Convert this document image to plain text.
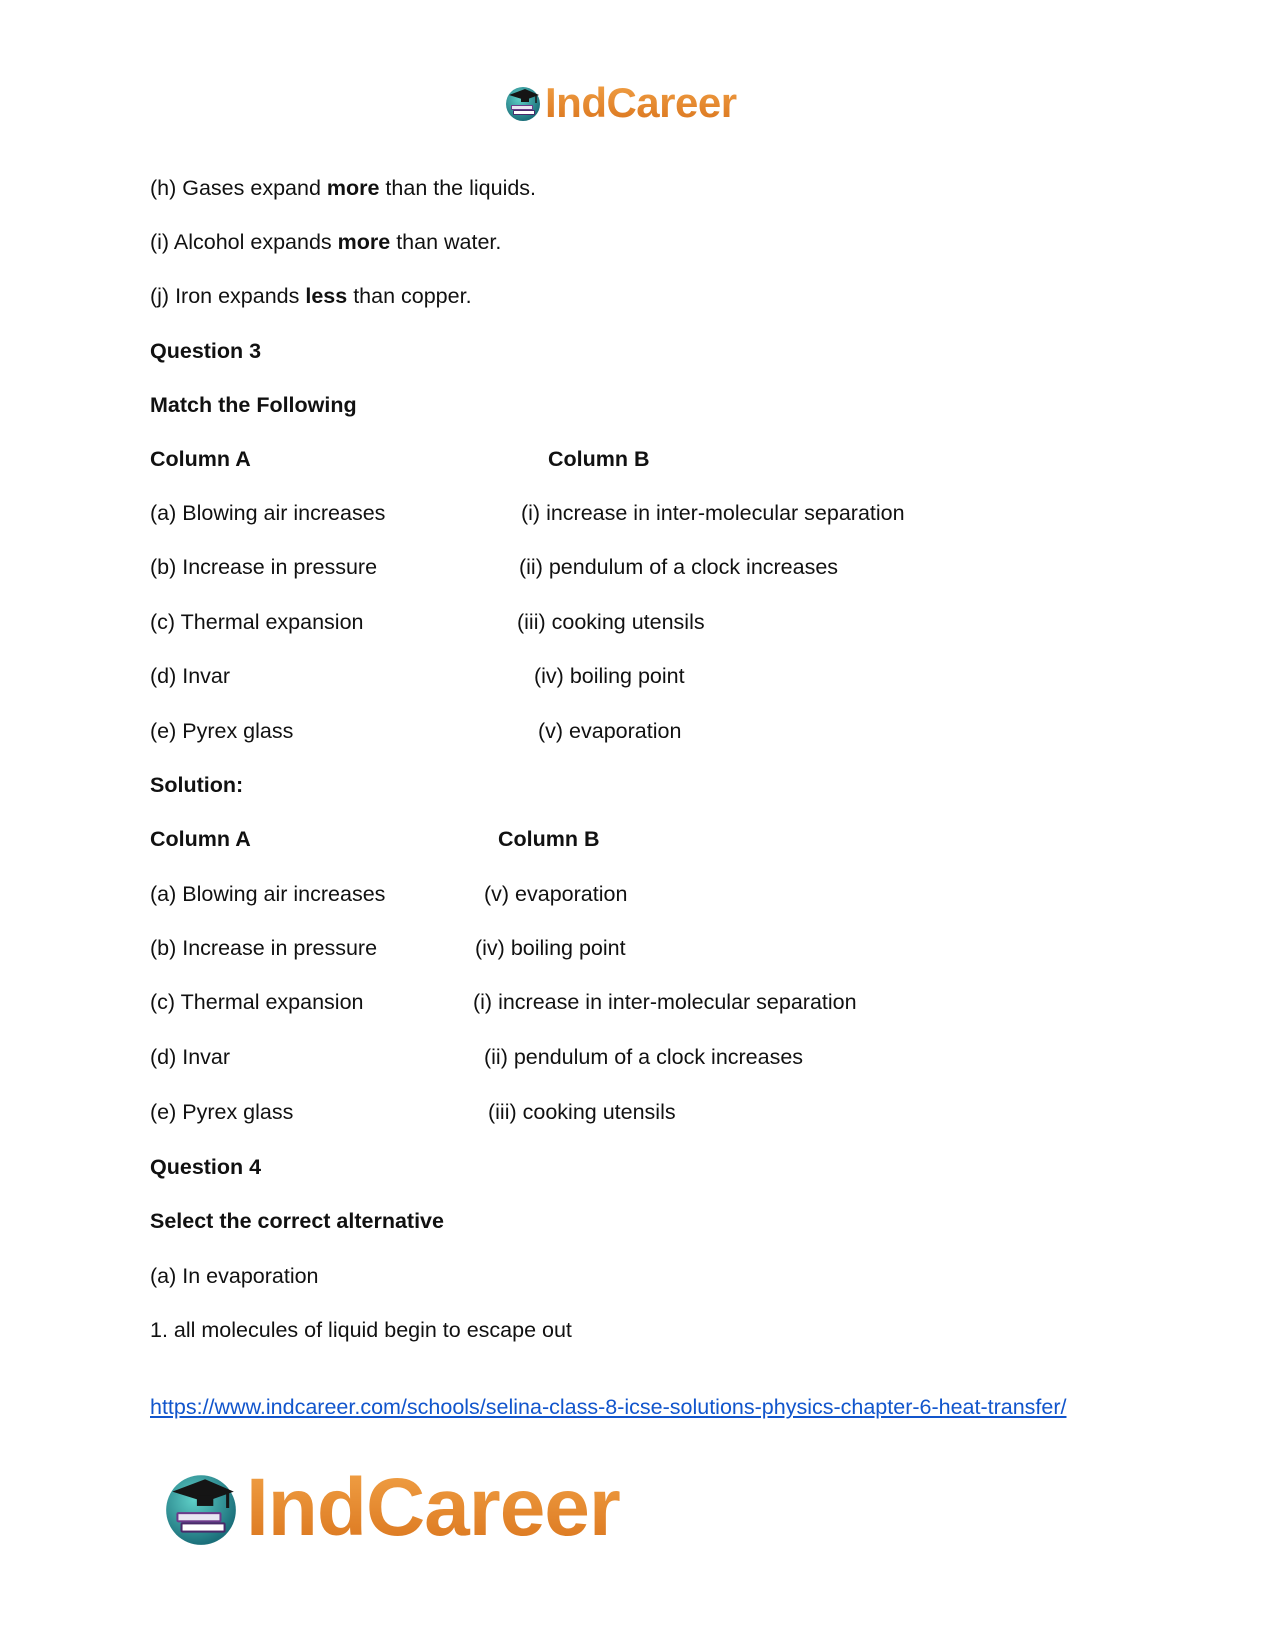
IndCareer
(h) Gases expand more than the liquids.
(i) Alcohol expands more than water.
(j) Iron expands less than copper.
Question 3
Match the Following
Column A	Column B
(a) Blowing air increases	(i) increase in inter-molecular separation
(b) Increase in pressure	(ii) pendulum of a clock increases
(c) Thermal expansion	(iii) cooking utensils
(d) Invar	(iv) boiling point
(e) Pyrex glass	(v) evaporation
Solution:
Column A	Column B
(a) Blowing air increases	(v) evaporation
(b) Increase in pressure	(iv) boiling point
(c) Thermal expansion	(i) increase in inter-molecular separation
(d) Invar	(ii) pendulum of a clock increases
(e) Pyrex glass	(iii) cooking utensils
Question 4
Select the correct alternative
(a) In evaporation
1. all molecules of liquid begin to escape out
https://www.indcareer.com/schools/selina-class-8-icse-solutions-physics-chapter-6-heat-transfer/
IndCareer
